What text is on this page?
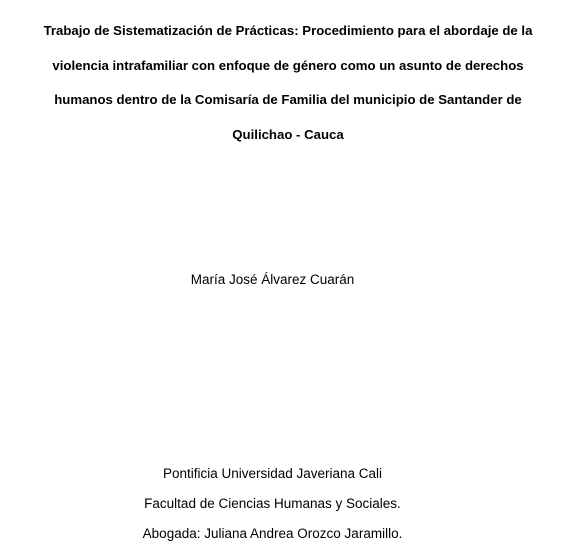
Trabajo de Sistematización de Prácticas: Procedimiento para el abordaje de la
violencia intrafamiliar con enfoque de género como un asunto de derechos
humanos dentro de la Comisaría de Familia del municipio de Santander de
Quilichao - Cauca
María José Álvarez Cuarán
Pontificia Universidad Javeriana Cali
Facultad de Ciencias Humanas y Sociales.
Abogada: Juliana Andrea Orozco Jaramillo.
